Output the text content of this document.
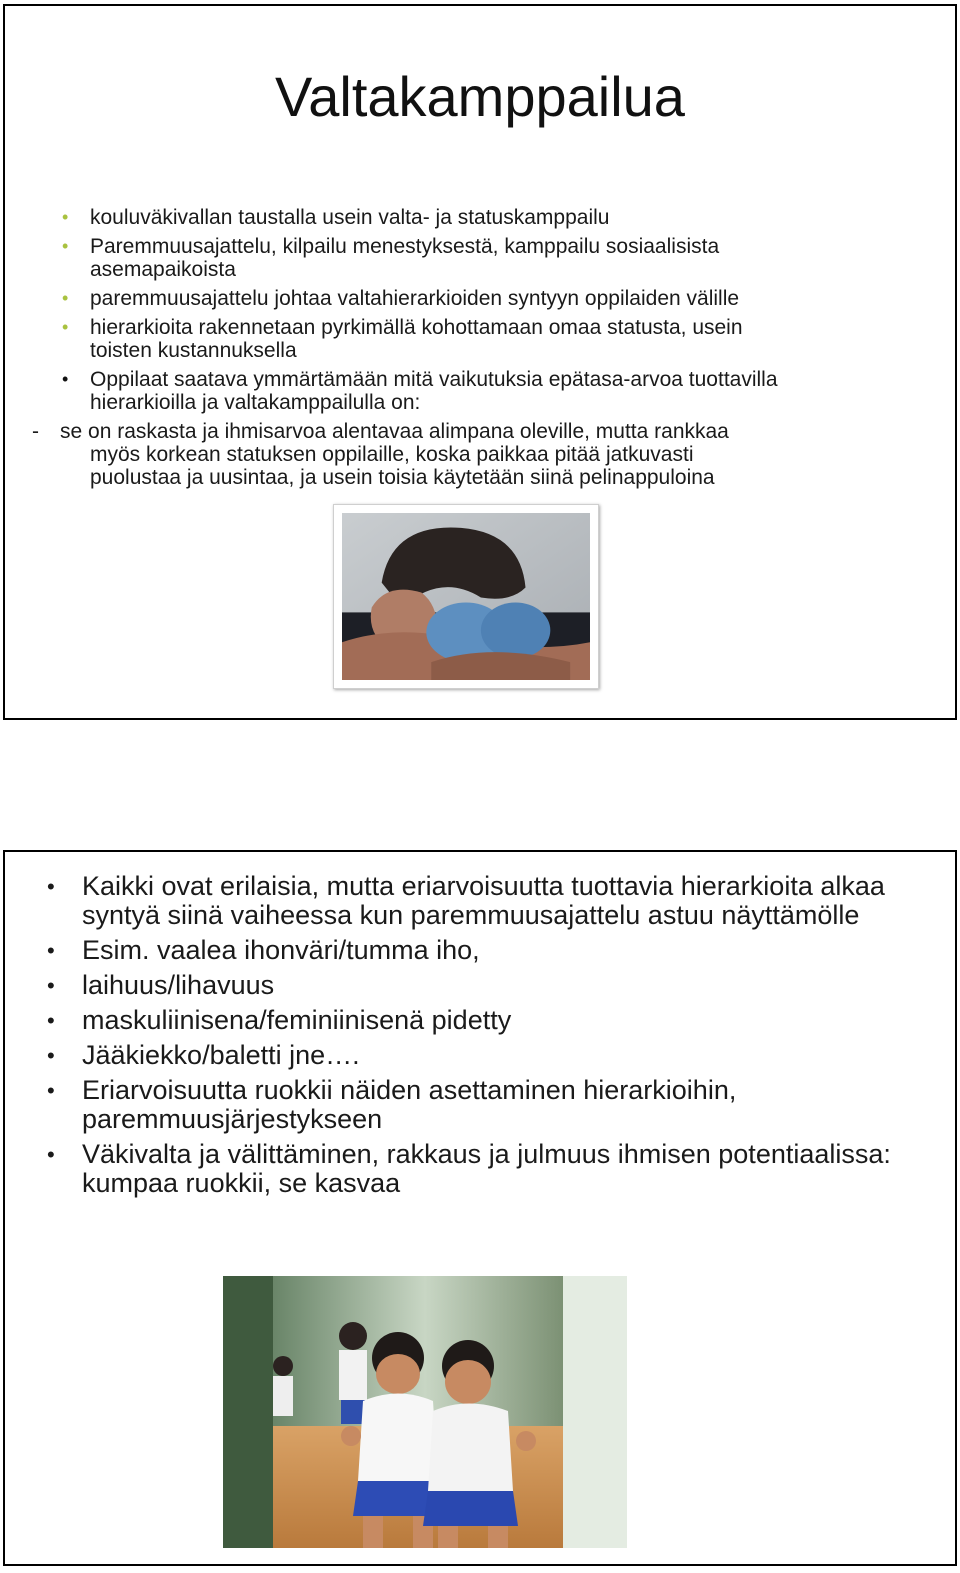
Valtakamppailua
• kouluväkivallan taustalla usein valta- ja statuskamppailu
• Paremmuusajattelu, kilpailu menestyksestä, kamppailu sosiaalisista asemapaikoista
• paremmuusajattelu johtaa valtahierarkioiden syntyyn oppilaiden välille
• hierarkioita rakennetaan pyrkimällä kohottamaan omaa statusta, usein toisten kustannuksella
• Oppilaat saatava ymmärtämään mitä vaikutuksia epätasa-arvoa tuottavilla hierarkioilla ja valtakamppailulla on:
-	se on raskasta ja ihmisarvoa alentavaa alimpana oleville, mutta rankkaa myös korkean statuksen oppilaille, koska paikkaa pitää jatkuvasti puolustaa ja uusintaa, ja usein toisia käytetään siinä pelinappuloina
• Kaikki ovat erilaisia, mutta eriarvoisuutta tuottavia hierarkioita alkaa syntyä siinä vaiheessa kun paremmuusajattelu astuu näyttämölle
• Esim. vaalea ihonväri/tumma iho,
• laihuus/lihavuus
• maskuliinisena/feminiinisenä pidetty
• Jääkiekko/baletti jne….
• Eriarvoisuutta ruokkii näiden asettaminen hierarkioihin, paremmuusjärjestykseen
• Väkivalta ja välittäminen, rakkaus ja julmuus ihmisen potentiaalissa: kumpaa ruokkii, se kasvaa
